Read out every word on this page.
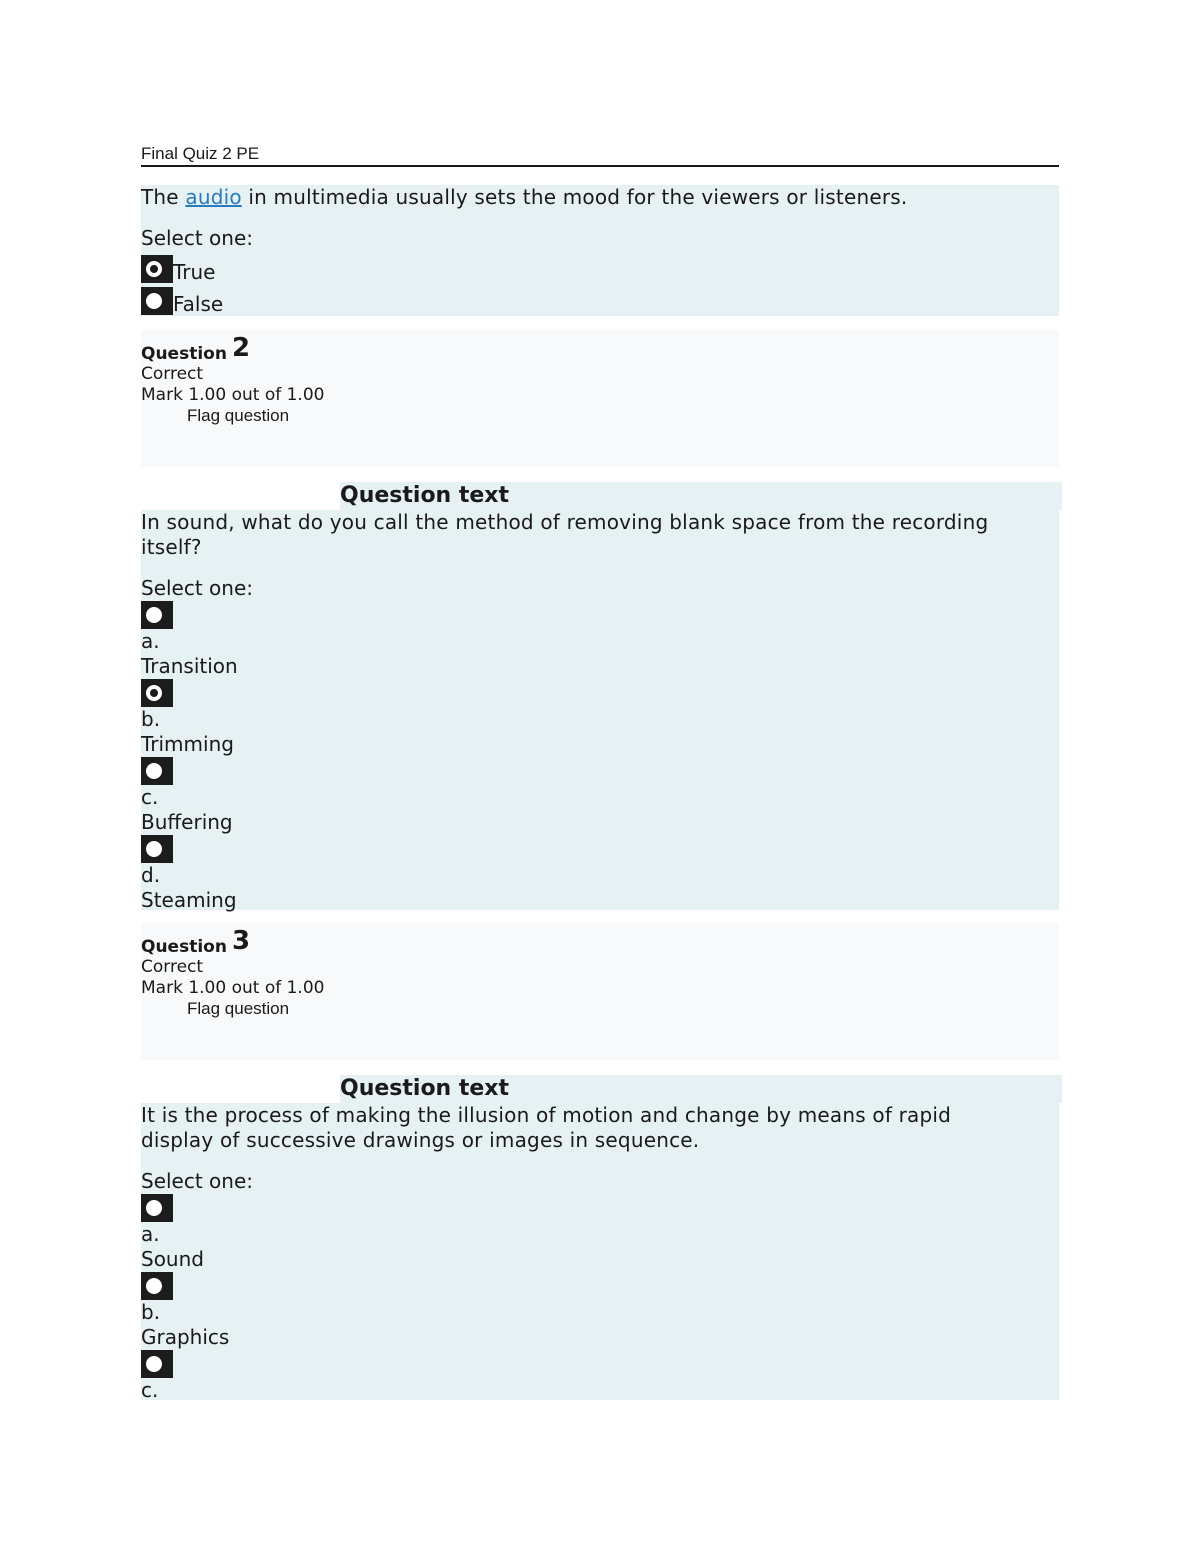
Final Quiz 2 PE
The audio in multimedia usually sets the mood for the viewers or listeners.
Select one:
True
False
Question
2
Correct
Mark 1.00 out of 1.00
Flag question
Question text
In sound, what do you call the method of removing blank space from the recording itself?
Select one:
a.
Transition
b.
Trimming
c.
Buffering
d.
Steaming
Question
3
Correct
Mark 1.00 out of 1.00
Flag question
Question text
It is the process of making the illusion of motion and change by means of rapid display of successive drawings or images in sequence.
Select one:
a.
Sound
b.
Graphics
c.
